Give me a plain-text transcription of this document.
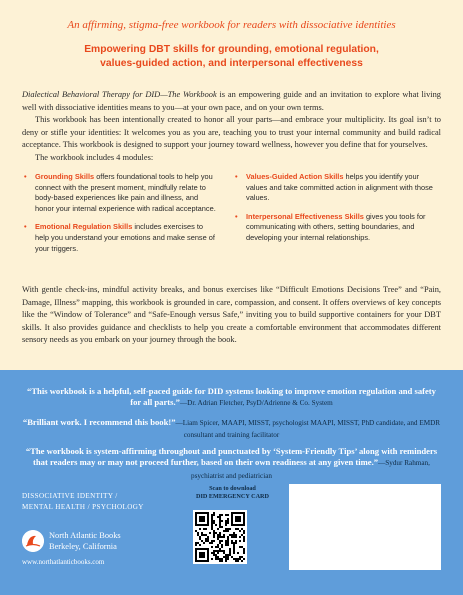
An affirming, stigma-free workbook for readers with dissociative identities
Empowering DBT skills for grounding, emotional regulation,
values-guided action, and interpersonal effectiveness

Dialectical Behavioral Therapy for DID—The Workbook is an empowering guide and an invitation to explore what living well with dissociative identities means to you—at your own pace, and on your own terms.

This workbook has been intentionally created to honor all your parts—and embrace your multiplicity. Its goal isn’t to deny or stifle your identities: It welcomes you as you are, teaching you to trust your internal community and build radical acceptance. This workbook is designed to support your journey toward wellness, however you define that for yourselves.

The workbook includes 4 modules:

• Grounding Skills offers foundational tools to help you connect with the present moment, mindfully relate to body-based experiences like pain and illness, and honor your internal experience with radical acceptance.
• Emotional Regulation Skills includes exercises to help you understand your emotions and make sense of your triggers.
• Values-Guided Action Skills helps you identify your values and take committed action in alignment with those values.
• Interpersonal Effectiveness Skills gives you tools for communicating with others, setting boundaries, and developing your internal relationships.

With gentle check-ins, mindful activity breaks, and bonus exercises like “Difficult Emotions Decisions Tree” and “Pain, Damage, Illness” mapping, this workbook is grounded in care, compassion, and consent. It offers overviews of key concepts like the “Window of Tolerance” and “Safe-Enough versus Safe,” inviting you to build supportive containers for your DBT skills. It also provides guidance and checklists to help you create a comfortable environment that accommodates different sensory needs as you embark on your journey through the book.

“This workbook is a helpful, self-paced guide for DID systems looking to improve emotion regulation and safety for all parts.”—Dr. Adrian Fletcher, PsyD/Adrienne & Co. System
“Brilliant work. I recommend this book!”—Liam Spicer, MAAPI, MISST, psychologist MAAPI, MISST, PhD candidate, and EMDR consultant and training facilitator
“The workbook is system-affirming throughout and punctuated by ‘System-Friendly Tips’ along with reminders that readers may or may not proceed further, based on their own readiness at any given time.”—Sydur Rahman, psychiatrist and pediatrician
DISSOCIATIVE IDENTITY /
MENTAL HEALTH / PSYCHOLOGY
North Atlantic Books
Berkeley, California
www.northatlanticbooks.com
Scan to download
DID EMERGENCY CARD
